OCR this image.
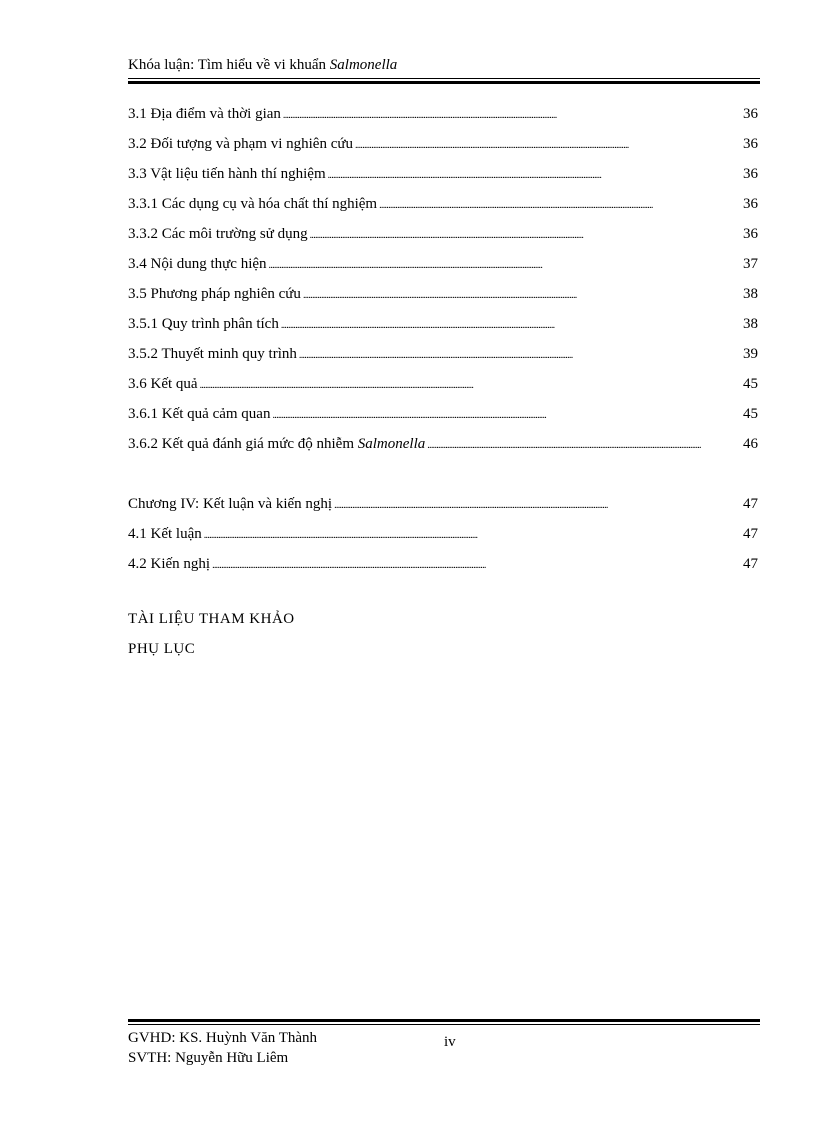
Khóa luận: Tìm hiểu về vi khuẩn Salmonella
3.1 Địa điểm và thời gian . . .	36
3.2 Đối tượng và phạm vi nghiên cứu . . .	36
3.3 Vật liệu tiến hành thí nghiệm . . .	36
3.3.1 Các dụng cụ và hóa chất thí nghiệm . . .	36
3.3.2 Các môi trường sử dụng . . .	36
3.4 Nội dung thực hiện . . .	37
3.5 Phương pháp nghiên cứu . . .	38
3.5.1 Quy trình phân tích . . .	38
3.5.2 Thuyết minh quy trình . . .	39
3.6 Kết quả . . .	45
3.6.1 Kết quả cảm quan . . .	45
3.6.2 Kết quả đánh giá mức độ nhiễm Salmonella . . .	46
Chương IV: Kết luận và kiến nghị . . .	47
4.1 Kết luận . . .	47
4.2 Kiến nghị . . .	47
TÀI LIỆU THAM KHẢO
PHỤ LỤC
GVHD: KS. Huỳnh Văn Thành
SVTH: Nguyễn Hữu Liêm
iv
